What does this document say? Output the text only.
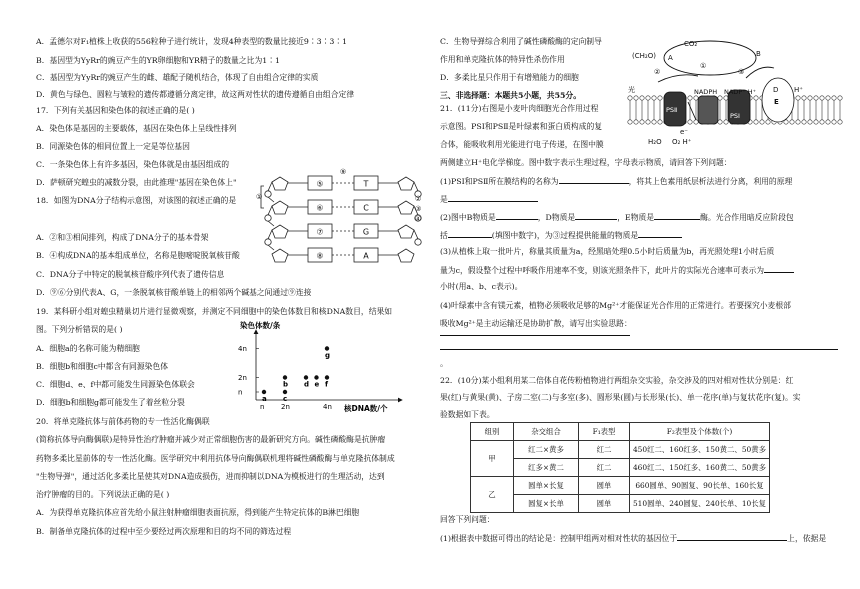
A．孟德尔对F₁植株上收获的556粒种子进行统计，发现4种表型的数量比接近9∶3∶3∶1
B．基因型为YyRr的豌豆产生的YR卵细胞和YR精子的数量之比为1∶1
C．基因型为YyRr的豌豆产生的雌、雄配子随机结合，体现了自由组合定律的实质
D．黄色与绿色、圆粒与皱粒的遗传都遵循分离定律，故这两对性状的遗传遵循自由组合定律
17．下列有关基因和染色体的叙述正确的是( )
A．染色体是基因的主要载体，基因在染色体上呈线性排列
B．同源染色体的相同位置上一定是等位基因
C．一条染色体上有许多基因，染色体就是由基因组成的
D．萨顿研究蝗虫的减数分裂，由此推理"基因在染色体上"
18．如图为DNA分子结构示意图，对该图的叙述正确的是
A．②和③相间排列，构成了DNA分子的基本骨架
B．④构成DNA的基本组成单位，名称是胞嘧啶脱氧核苷酸
C．DNA分子中特定的脱氧核苷酸序列代表了遗传信息
D．⑨⑥分别代表A、G，一条脱氧核苷酸单链上的相邻两个碱基之间通过⑨连接
19．某科研小组对蝗虫精巢切片进行显微观察，并测定不同细胞中的染色体数目和核DNA数目，结果如
图。下列分析错误的是( )
A．细胞a的名称可能为精细胞
B．细胞b和细胞c中都含有同源染色体
C．细胞d、e、f中都可能发生同源染色体联会
D．细胞b和细胞g都可能发生了着丝粒分裂
20．将单克隆抗体与前体药物的专一性活化酶偶联
(简称抗体导向酶偶联)是特异性治疗肿瘤并减少对正常细胞伤害的最新研究方向。碱性磷酸酶是抗肿瘤
药物多柔比星前体的专一性活化酶。医学研究中利用抗体导向酶偶联机理将碱性磷酸酶与单克隆抗体制成
"生物导弹"，通过活化多柔比星使其对DNA造成损伤，进而抑制以DNA为模板进行的生理活动，达到
治疗肿瘤的目的。下列说法正确的是( )
A．为获得单克隆抗体应首先给小鼠注射肿瘤细胞表面抗原，得到能产生特定抗体的B淋巴细胞
B．制备单克隆抗体的过程中至少要经过两次原理和目的均不同的筛选过程
⑤
⑥
⑦
⑧
T
C
G
A
⑨
①	②
③
④
染色体数/条
核DNA数/个
4n
2n
n
n 2n	4n
a
b
c
d e f
g
C．生物导弹综合利用了碱性磷酸酶的定向制导
作用和单克隆抗体的特异性杀伤作用
D．多柔比星只作用于有增殖能力的细胞
三、非选择题：本题共5小题，共55分。
21．(11分)右图是小麦叶肉细胞光合作用过程
示意图。PSⅠ和PSⅡ是叶绿素和蛋白质构成的复
合体，能吸收利用光能进行电子传递，在图中膜
两侧建立H⁺电化学梯度。图中数字表示生理过程，字母表示物质，请回答下列问题：
(1)PSⅠ和PSⅡ所在膜结构的名称为	，将其上色素用纸层析法进行分离，利用的原理
是
(2)图中B物质是	，D物质是	，E物质是	酶。光合作用暗反应阶段包
括	(填图中数字)，为③过程提供能量的物质是
(3)从植株上取一批叶片，称量其质量为a，经黑暗处理0.5小时后质量为b，再光照处理1小时后质
量为c，假设整个过程中呼吸作用速率不变，则该光照条件下，此叶片的实际光合速率可表示为
小时(用a、b、c表示)。
(4)叶绿素中含有镁元素，植物必须吸收足够的Mg²⁺才能保证光合作用的正常进行。若要探究小麦根部
吸收Mg²⁺是主动运输还是协助扩散，请写出实验思路：
。
22．(10分)某小组利用某二倍体自花传粉植物进行两组杂交实验，杂交涉及的四对相对性状分别是：红
果(红)与黄果(黄)、子房二室(二)与多室(多)、圆形果(圆)与长形果(长)、单一花序(单)与复状花序(复)。实
验数据如下表。
组别	杂交组合	F₁表型	F₂表型及个体数(个)
甲	红二×黄多	红二	450红二、160红多、150黄二、50黄多
	红多×黄二	红二	460红二、150红多、160黄二、50黄多
乙	圆单×长复	圆单	660圆单、90圆复、90长单、160长复
	圆复×长单	圆单	510圆单、240圆复、240长单、10长复
回答下列问题：
(1)根据表中数据可得出的结论是：控制甲组两对相对性状的基因位于	上，依据是
CO₂
(CH₂O)	B
A
NADPH NADP⁺ H⁺ D H⁺
E
PSⅡ
PSⅠ
e⁻
H₂O O₂ H⁺
①
②	③
光
